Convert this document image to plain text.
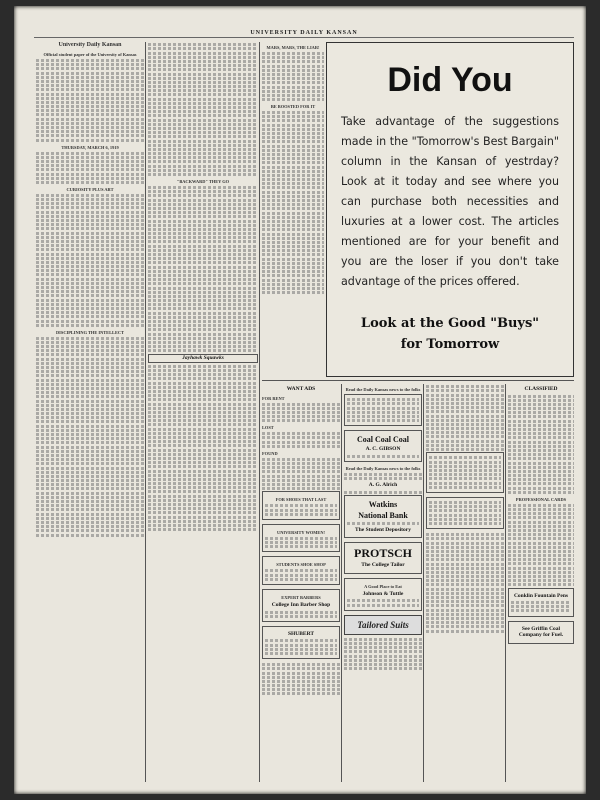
UNIVERSITY DAILY KANSAN
University Daily Kansan
Official student paper of the University of Kansas
THURSDAY, MARCH 6, 1919
CURIOSITY PLUS ART
DISCIPLINING THE INTELLECT
"BACKWARD" THEY GO
Jayhawk Squawks
MARS, MARS, THE LIAR!
BE BOOSTED FOR IT
Did You
Take advantage of the suggestions made in the "Tomorrow's Best Bargain" column in the Kansan of yestrday? Look at it today and see where you can purchase both necessities and luxuries at a lower cost. The articles mentioned are for your benefit and you are the loser if you don't take advantage of the prices offered.
Look at the Good "Buys"
for Tomorrow
WANT ADS
FOR RENT
LOST
FOUND
FOR SHOES THAT LAST
UNIVERSITY WOMEN!
STUDENTS SHOE SHOP
EXPERT BARBERS
College Inn Barber Shop
SHUBERT
Read the Daily Kansas news to the folks
Coal Coal Coal
A. C. GIBSON
Read the Daily Kansas news to the folks
A. G. Alrich
Watkins
National Bank
The Student Depository
PROTSCH
The College Tailor
A Good Place to Eat
Johnson & Tuttle
Tailored Suits
CLASSIFIED
PROFESSIONAL CARDS
Conklin Fountain Pens
See Griffin Coal Company for Fuel.
